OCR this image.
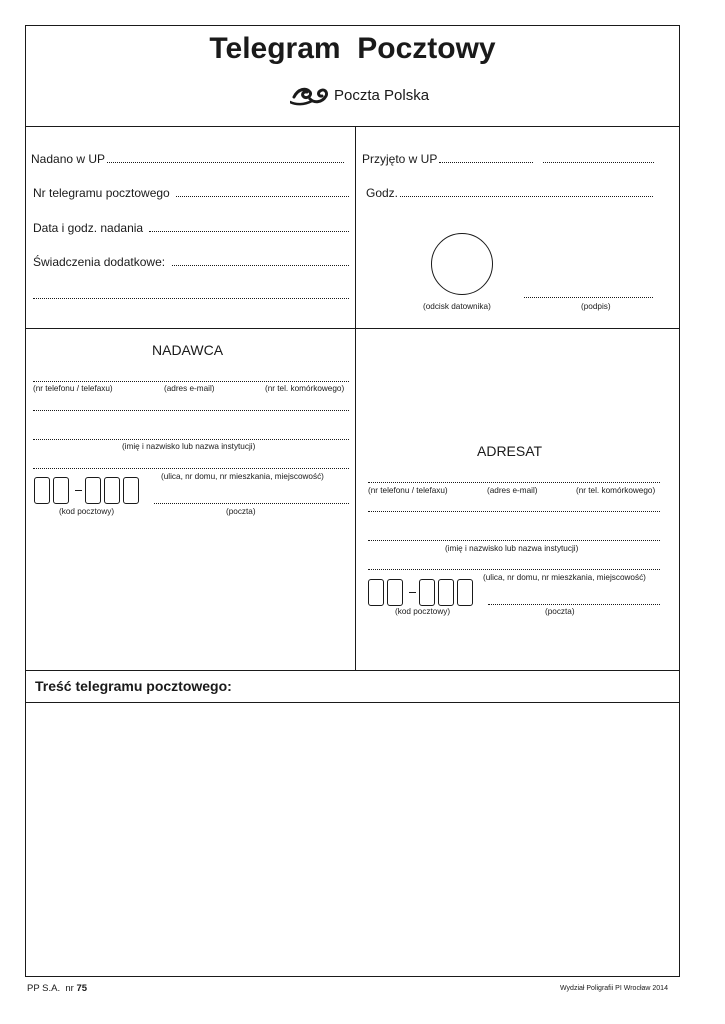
Telegram  Pocztowy
Poczta Polska
Nadano w UP
Nr telegramu pocztowego
Data i godz. nadania
Świadczenia dodatkowe:
Przyjęto w UP
Godz.
(odcisk datownika)	(podpis)
NADAWCA
(nr telefonu / telefaxu)	(adres e-mail)	(nr tel. komórkowego)
(imię i nazwisko lub nazwa instytucji)
(ulica, nr domu, nr mieszkania, miejscowość)
(kod pocztowy)	(poczta)
ADRESAT
(nr telefonu / telefaxu)	(adres e-mail)	(nr tel. komórkowego)
(imię i nazwisko lub nazwa instytucji)
(ulica, nr domu, nr mieszkania, miejscowość)
(kod pocztowy)	(poczta)
Treść telegramu pocztowego:
PP S.A.  nr 75	Wydział Poligrafii PI Wrocław 2014
